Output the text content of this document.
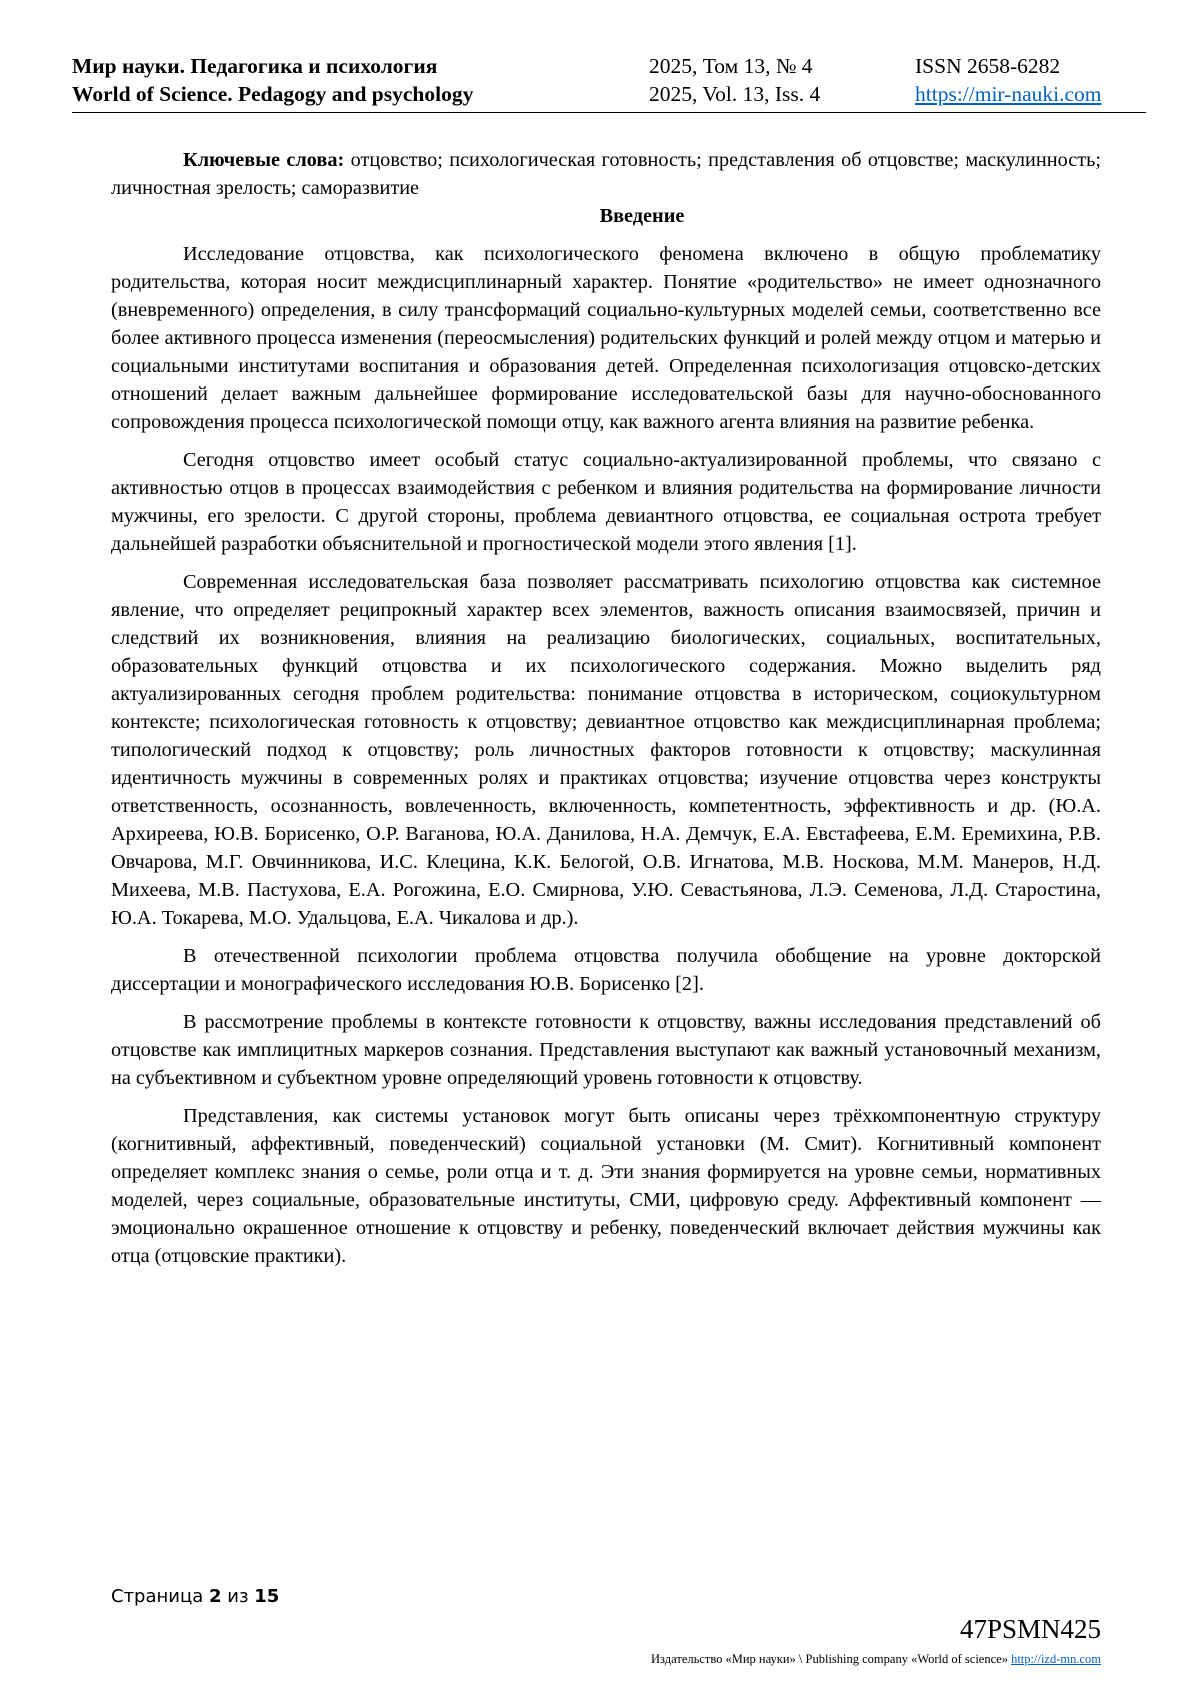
Мир науки. Педагогика и психология
World of Science. Pedagogy and psychology
2025, Том 13, № 4
2025, Vol. 13, Iss. 4
ISSN 2658-6282
https://mir-nauki.com

Ключевые слова: отцовство; психологическая готовность; представления об отцовстве; маскулинность; личностная зрелость; саморазвитие

Введение

Исследование отцовства, как психологического феномена включено в общую проблематику родительства, которая носит междисциплинарный характер. Понятие «родительство» не имеет однозначного (вневременного) определения, в силу трансформаций социально-культурных моделей семьи, соответственно все более активного процесса изменения (переосмысления) родительских функций и ролей между отцом и матерью и социальными институтами воспитания и образования детей. Определенная психологизация отцовско-детских отношений делает важным дальнейшее формирование исследовательской базы для научно-обоснованного сопровождения процесса психологической помощи отцу, как важного агента влияния на развитие ребенка.

Сегодня отцовство имеет особый статус социально-актуализированной проблемы, что связано с активностью отцов в процессах взаимодействия с ребенком и влияния родительства на формирование личности мужчины, его зрелости. С другой стороны, проблема девиантного отцовства, ее социальная острота требует дальнейшей разработки объяснительной и прогностической модели этого явления [1].

Современная исследовательская база позволяет рассматривать психологию отцовства как системное явление, что определяет реципрокный характер всех элементов, важность описания взаимосвязей, причин и следствий их возникновения, влияния на реализацию биологических, социальных, воспитательных, образовательных функций отцовства и их психологического содержания. Можно выделить ряд актуализированных сегодня проблем родительства: понимание отцовства в историческом, социокультурном контексте; психологическая готовность к отцовству; девиантное отцовство как междисциплинарная проблема; типологический подход к отцовству; роль личностных факторов готовности к отцовству; маскулинная идентичность мужчины в современных ролях и практиках отцовства; изучение отцовства через конструкты ответственность, осознанность, вовлеченность, включенность, компетентность, эффективность и др. (Ю.А. Архиреева, Ю.В. Борисенко, О.Р. Ваганова, Ю.А. Данилова, Н.А. Демчук, Е.А. Евстафеева, Е.М. Еремихина, Р.В. Овчарова, М.Г. Овчинникова, И.С. Клецина, К.К. Белогой, О.В. Игнатова, М.В. Носкова, М.М. Манеров, Н.Д. Михеева, М.В. Пастухова, Е.А. Рогожина, Е.О. Смирнова, У.Ю. Севастьянова, Л.Э. Семенова, Л.Д. Старостина, Ю.А. Токарева, М.О. Удальцова, Е.А. Чикалова и др.).

В отечественной психологии проблема отцовства получила обобщение на уровне докторской диссертации и монографического исследования Ю.В. Борисенко [2].

В рассмотрение проблемы в контексте готовности к отцовству, важны исследования представлений об отцовстве как имплицитных маркеров сознания. Представления выступают как важный установочный механизм, на субъективном и субъектном уровне определяющий уровень готовности к отцовству.

Представления, как системы установок могут быть описаны через трёхкомпонентную структуру (когнитивный, аффективный, поведенческий) социальной установки (М. Смит). Когнитивный компонент определяет комплекс знания о семье, роли отца и т. д. Эти знания формируется на уровне семьи, нормативных моделей, через социальные, образовательные институты, СМИ, цифровую среду. Аффективный компонент — эмоционально окрашенное отношение к отцовству и ребенку, поведенческий включает действия мужчины как отца (отцовские практики).

Страница 2 из 15
47PSMN425
Издательство «Мир науки» \ Publishing company «World of science» http://izd-mn.com
